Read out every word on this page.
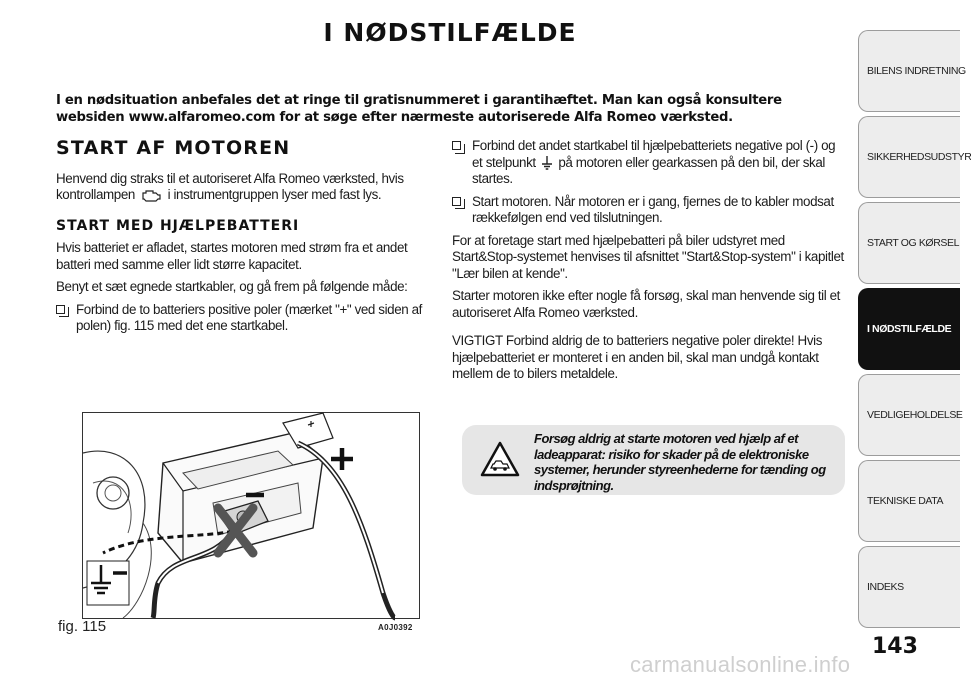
I NØDSTILFÆLDE
I en nødsituation anbefales det at ringe til gratisnummeret i garantihæftet. Man kan også konsultere websiden www.alfaromeo.com for at søge efter nærmeste autoriserede Alfa Romeo værksted.
START AF MOTOREN

Henvend dig straks til et autoriseret Alfa Romeo værksted, hvis kontrollampen i instrumentgruppen lyser med fast lys.

START MED HJÆLPEBATTERI

Hvis batteriet er afladet, startes motoren med strøm fra et andet batteri med samme eller lidt større kapacitet.

Benyt et sæt egnede startkabler, og gå frem på følgende måde:

Forbind de to batteriers positive poler (mærket "+" ved siden af polen) fig. 115 med det ene startkabel.
Forbind det andet startkabel til hjælpebatteriets negative pol (-) og et stelpunkt på motoren eller gearkassen på den bil, der skal startes.
Start motoren. Når motoren er i gang, fjernes de to kabler modsat rækkefølgen end ved tilslutningen.

For at foretage start med hjælpebatteri på biler udstyret med Start&Stop-systemet henvises til afsnittet "Start&Stop-system" i kapitlet "Lær bilen at kende".

Starter motoren ikke efter nogle få forsøg, skal man henvende sig til et autoriseret Alfa Romeo værksted.

VIGTIGT Forbind aldrig de to batteriers negative poler direkte! Hvis hjælpebatteriet er monteret i en anden bil, skal man undgå kontakt mellem de to bilers metaldele.

Forsøg aldrig at starte motoren ved hjælp af et ladeapparat: risiko for skader på de elektroniske systemer, herunder styreenhederne for tænding og indsprøjtning.
fig. 115	A0J0392
BILENS INDRETNING
SIKKERHEDSUDSTYR
START OG KØRSEL
I NØDSTILFÆLDE
VEDLIGEHOLDELSE
TEKNISKE DATA
INDEKS
143
carmanualsonline.info
